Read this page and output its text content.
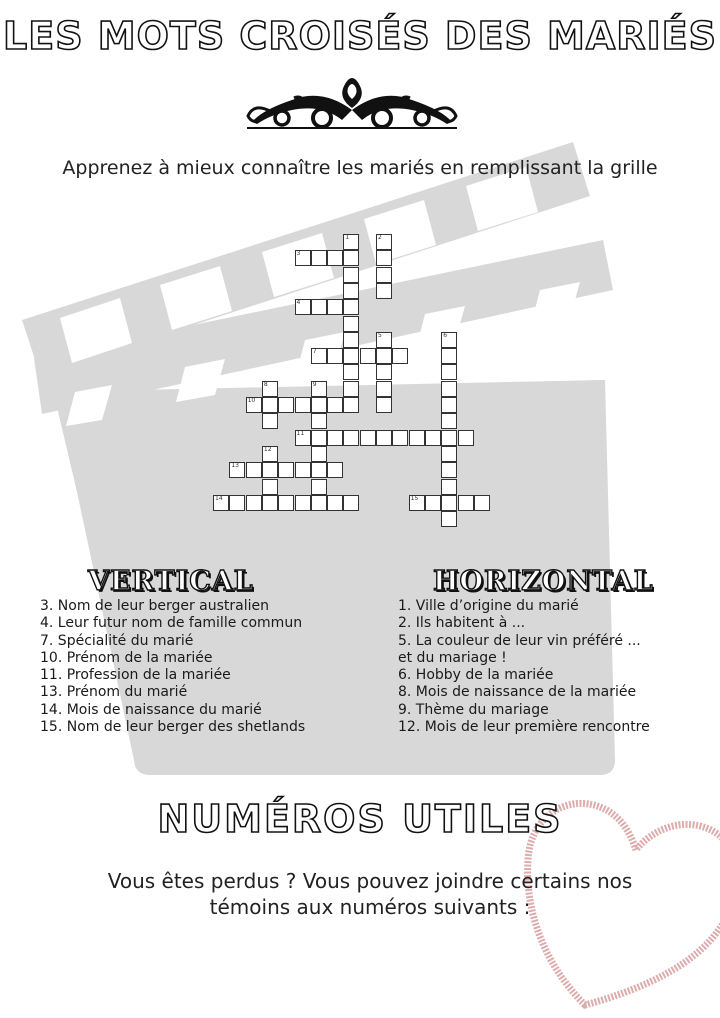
LES MOTS CROISÉS DES MARIÉS
Apprenez à mieux connaître les mariés en remplissant la grille
3
4
7
10
11
13
14	15
1	2
5	6
8	9
12
VERTICAL	HORIZONTAL
3. Nom de leur berger australien
4. Leur futur nom de famille commun
7. Spécialité du marié
10. Prénom de la mariée
11. Profession de la mariée
13. Prénom du marié
14. Mois de naissance du marié
15. Nom de leur berger des shetlands
1. Ville d’origine du marié
2. Ils habitent à ...
5. La couleur de leur vin préféré ...
et du mariage !
6. Hobby de la mariée
8. Mois de naissance de la mariée
9. Thème du mariage
12. Mois de leur première rencontre
NUMÉROS UTILES
Vous êtes perdus ? Vous pouvez joindre certains nos
témoins aux numéros suivants :
